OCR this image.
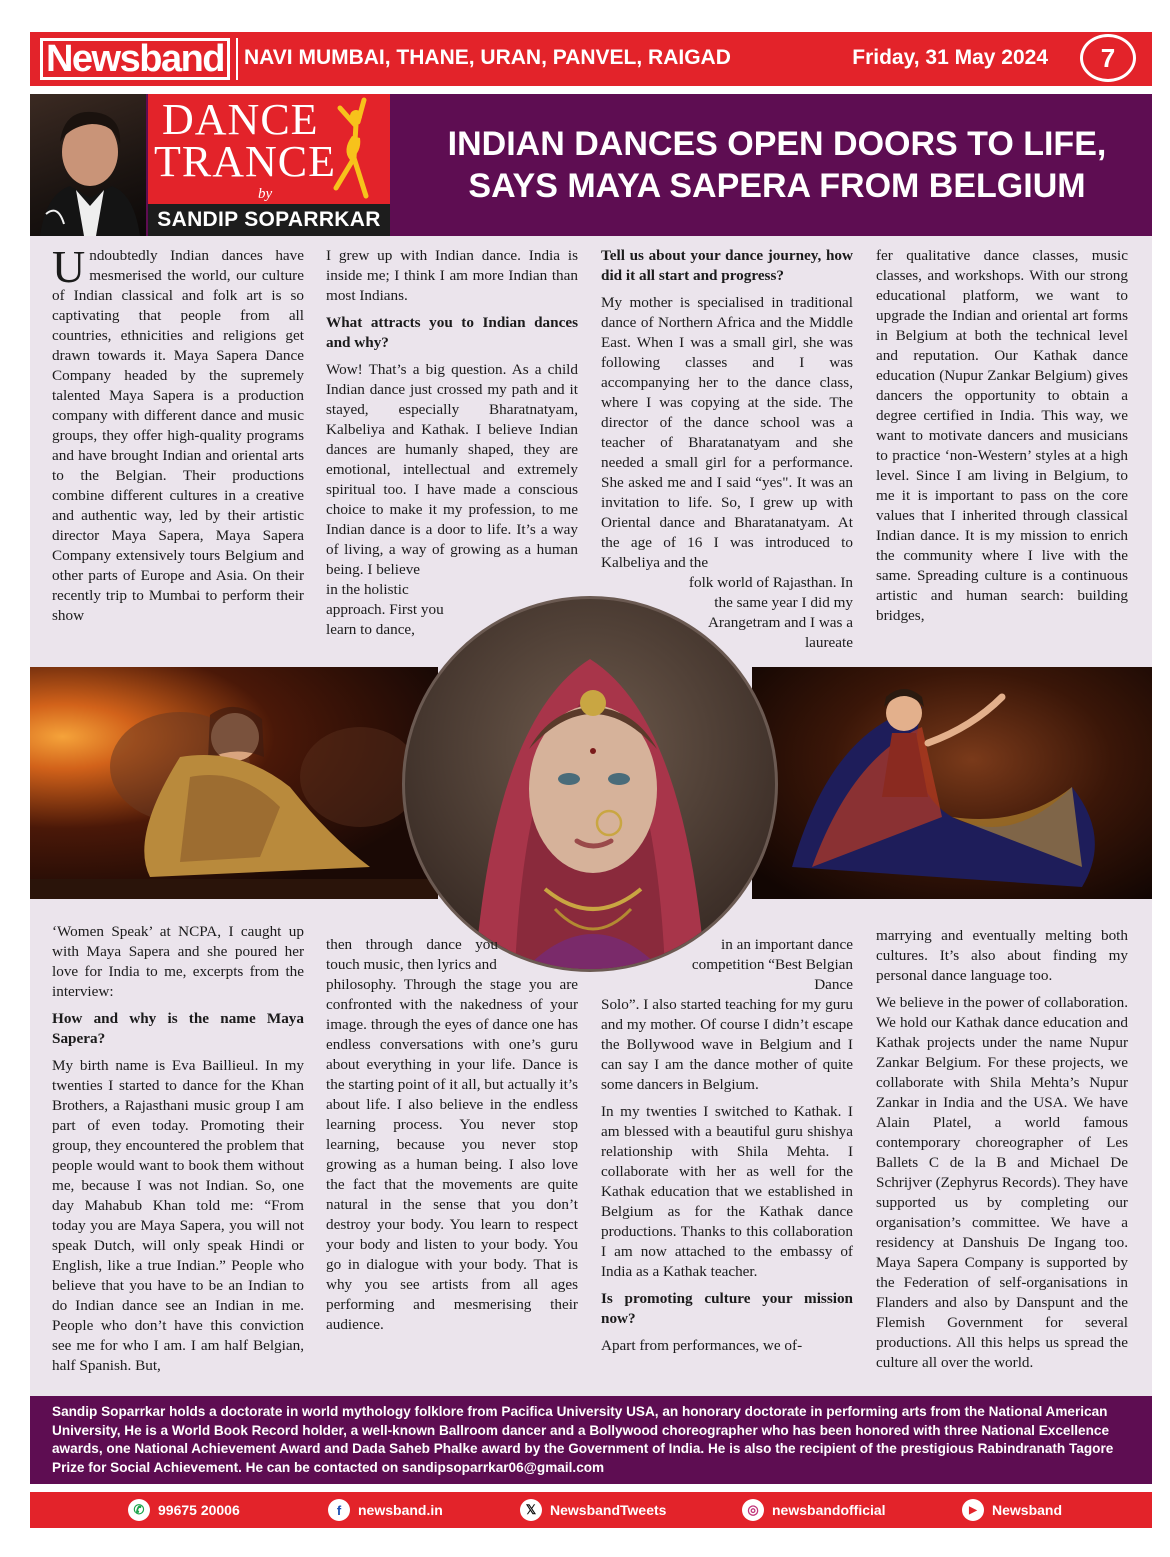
Newsband NAVI MUMBAI, THANE, URAN, PANVEL, RAIGAD	Friday, 31 May 2024	7
DANCE
TRANCE
by
SANDIP SOPARRKAR
INDIAN DANCES OPEN DOORS TO LIFE,
SAYS MAYA SAPERA FROM BELGIUM

Undoubtedly Indian dances have mesmerised the world, our culture of Indian classical and folk art is so captivating that people from all countries, ethnicities and religions get drawn towards it. Maya Sapera Dance Company headed by the supremely talented Maya Sapera is a production company with different dance and music groups, they offer high-quality programs and have brought Indian and oriental arts to the Belgian. Their productions combine different cultures in a creative and authentic way, led by their artistic director Maya Sapera, Maya Sapera Company extensively tours Belgium and other parts of Europe and Asia. On their recently trip to Mumbai to perform their show

I grew up with Indian dance. India is inside me; I think I am more Indian than most Indians.

What attracts you to Indian dances and why?

Wow! That’s a big question. As a child Indian dance just crossed my path and it stayed, especially Bharatnatyam, Kalbeliya and Kathak. I believe Indian dances are humanly shaped, they are emotional, intellectual and extremely spiritual too. I have made a conscious choice to make it my profession, to me Indian dance is a door to life. It’s a way of living, a way of growing as a human being. I believe

in the holistic approach. First you learn to dance,

Tell us about your dance journey, how did it all start and progress?

My mother is specialised in traditional dance of Northern Africa and the Middle East. When I was a small girl, she was following classes and I was accompanying her to the dance class, where I was copying at the side. The director of the dance school was a teacher of Bharatanatyam and she needed a small girl for a performance. She asked me and I said “yes". It was an invitation to life. So, I grew up with Oriental dance and Bharatanatyam. At the age of 16 I was introduced to Kalbeliya and the

folk world of Rajasthan. In the same year I did my Arangetram and I was a laureate

fer qualitative dance classes, music classes, and workshops. With our strong educational platform, we want to upgrade the Indian and oriental art forms in Belgium at both the technical level and reputation. Our Kathak dance education (Nupur Zankar Belgium) gives dancers the opportunity to obtain a degree certified in India. This way, we want to motivate dancers and musicians to practice ‘non-Western’ styles at a high level. Since I am living in Belgium, to me it is important to pass on the core values that I inherited through classical Indian dance. It is my mission to enrich the community where I live with the same. Spreading culture is a continuous artistic and human search: building bridges,

‘Women Speak’ at NCPA, I caught up with Maya Sapera and she poured her love for India to me, excerpts from the interview:

How and why is the name Maya Sapera?

My birth name is Eva Baillieul. In my twenties I started to dance for the Khan Brothers, a Rajasthani music group I am part of even today. Promoting their group, they encountered the problem that people would want to book them without me, because I was not Indian. So, one day Mahabub Khan told me: “From today you are Maya Sapera, you will not speak Dutch, will only speak Hindi or English, like a true Indian.” People who believe that you have to be an Indian to do Indian dance see an Indian in me. People who don’t have this conviction see me for who I am. I am half Belgian, half Spanish. But,

then through dance you touch music, then lyrics and

philosophy. Through the stage you are confronted with the nakedness of your image. through the eyes of dance one has endless conversations with one’s guru about everything in your life. Dance is the starting point of it all, but actually it’s about life. I also believe in the endless learning process. You never stop learning, because you never stop growing as a human being. I also love the fact that the movements are quite natural in the sense that you don’t destroy your body. You learn to respect your body and listen to your body. You go in dialogue with your body. That is why you see artists from all ages performing and mesmerising their audience.

in an important dance competition “Best Belgian Dance

Solo”. I also started teaching for my guru and my mother. Of course I didn’t escape the Bollywood wave in Belgium and I can say I am the dance mother of quite some dancers in Belgium.

In my twenties I switched to Kathak. I am blessed with a beautiful guru shishya relationship with Shila Mehta. I collaborate with her as well for the Kathak education that we established in Belgium as for the Kathak dance productions. Thanks to this collaboration I am now attached to the embassy of India as a Kathak teacher.

Is promoting culture your mission now?

Apart from performances, we of-

marrying and eventually melting both cultures. It’s also about finding my personal dance language too.

We believe in the power of collaboration. We hold our Kathak dance education and Kathak projects under the name Nupur Zankar Belgium. For these projects, we collaborate with Shila Mehta’s Nupur Zankar in India and the USA. We have Alain Platel, a world famous contemporary choreographer of Les Ballets C de la B and Michael De Schrijver (Zephyrus Records). They have supported us by completing our organisation’s committee. We have a residency at Danshuis De Ingang too. Maya Sapera Company is supported by the Federation of self-organisations in Flanders and also by Danspunt and the Flemish Government for several productions. All this helps us spread the culture all over the world.

Sandip Soparrkar holds a doctorate in world mythology folklore from Pacifica University USA, an honorary doctorate in performing arts from the National American University, He is a World Book Record holder, a well-known Ballroom dancer and a Bollywood choreographer who has been honored with three National Excellence awards, one National Achievement Award and Dada Saheb Phalke award by the Government of India. He is also the recipient of the prestigious Rabindranath Tagore Prize for Social Achievement. He can be contacted on sandipsoparrkar06@gmail.com
✆ 99675 20006	f	newsband.in	𝕏 NewsbandTweets	◎ newsbandofficial	▶	Newsband
